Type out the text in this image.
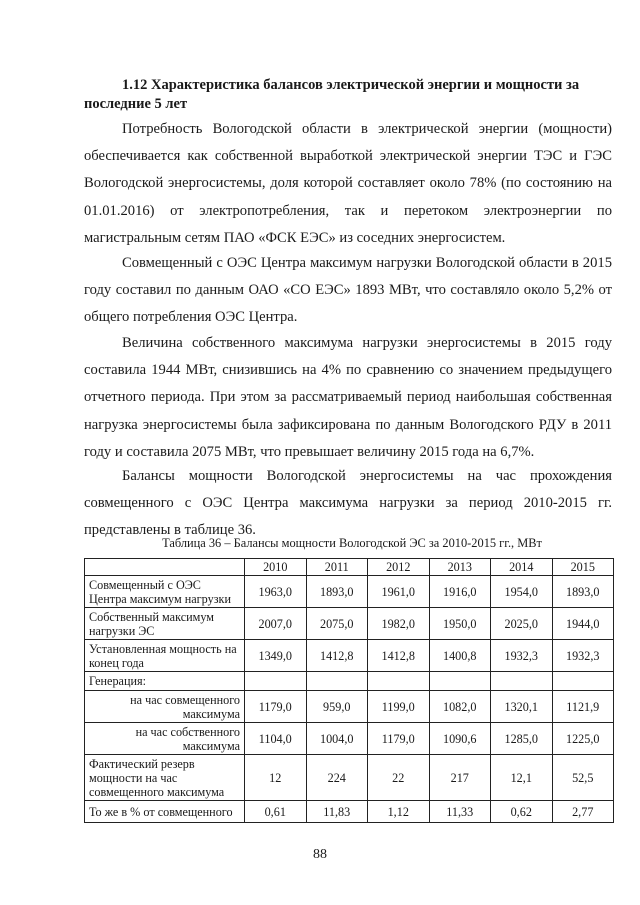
1.12 Характеристика балансов электрической энергии и мощности за последние 5 лет
Потребность Вологодской области в электрической энергии (мощности) обеспечивается как собственной выработкой электрической энергии ТЭС и ГЭС Вологодской энергосистемы, доля которой составляет около 78% (по состоянию на 01.01.2016) от электропотребления, так и перетоком электроэнергии по магистральным сетям ПАО «ФСК ЕЭС» из соседних энергосистем.
Совмещенный с ОЭС Центра максимум нагрузки Вологодской области в 2015 году составил по данным ОАО «СО ЕЭС» 1893 МВт, что составляло около 5,2% от общего потребления ОЭС Центра.
Величина собственного максимума нагрузки энергосистемы в 2015 году составила 1944 МВт, снизившись на 4% по сравнению со значением предыдущего отчетного периода. При этом за рассматриваемый период наибольшая собственная нагрузка энергосистемы была зафиксирована по данным Вологодского РДУ в 2011 году и составила 2075 МВт, что превышает величину 2015 года на 6,7%.
Балансы мощности Вологодской энергосистемы на час прохождения совмещенного с ОЭС Центра максимума нагрузки за период 2010-2015 гг. представлены в таблице 36.
Таблица 36 – Балансы мощности Вологодской ЭС за 2010-2015 гг., МВт
	2010	2011	2012	2013	2014	2015
Совмещенный с ОЭС Центра максимум нагрузки	1963,0	1893,0	1961,0	1916,0	1954,0	1893,0
Собственный максимум нагрузки ЭС	2007,0	2075,0	1982,0	1950,0	2025,0	1944,0
Установленная мощность на конец года	1349,0	1412,8	1412,8	1400,8	1932,3	1932,3
Генерация:						
на час совмещенного максимума	1179,0	959,0	1199,0	1082,0	1320,1	1121,9
на час собственного максимума	1104,0	1004,0	1179,0	1090,6	1285,0	1225,0
Фактический резерв мощности на час совмещенного максимума	12	224	22	217	12,1	52,5
То же в % от совмещенного	0,61	11,83	1,12	11,33	0,62	2,77
88
